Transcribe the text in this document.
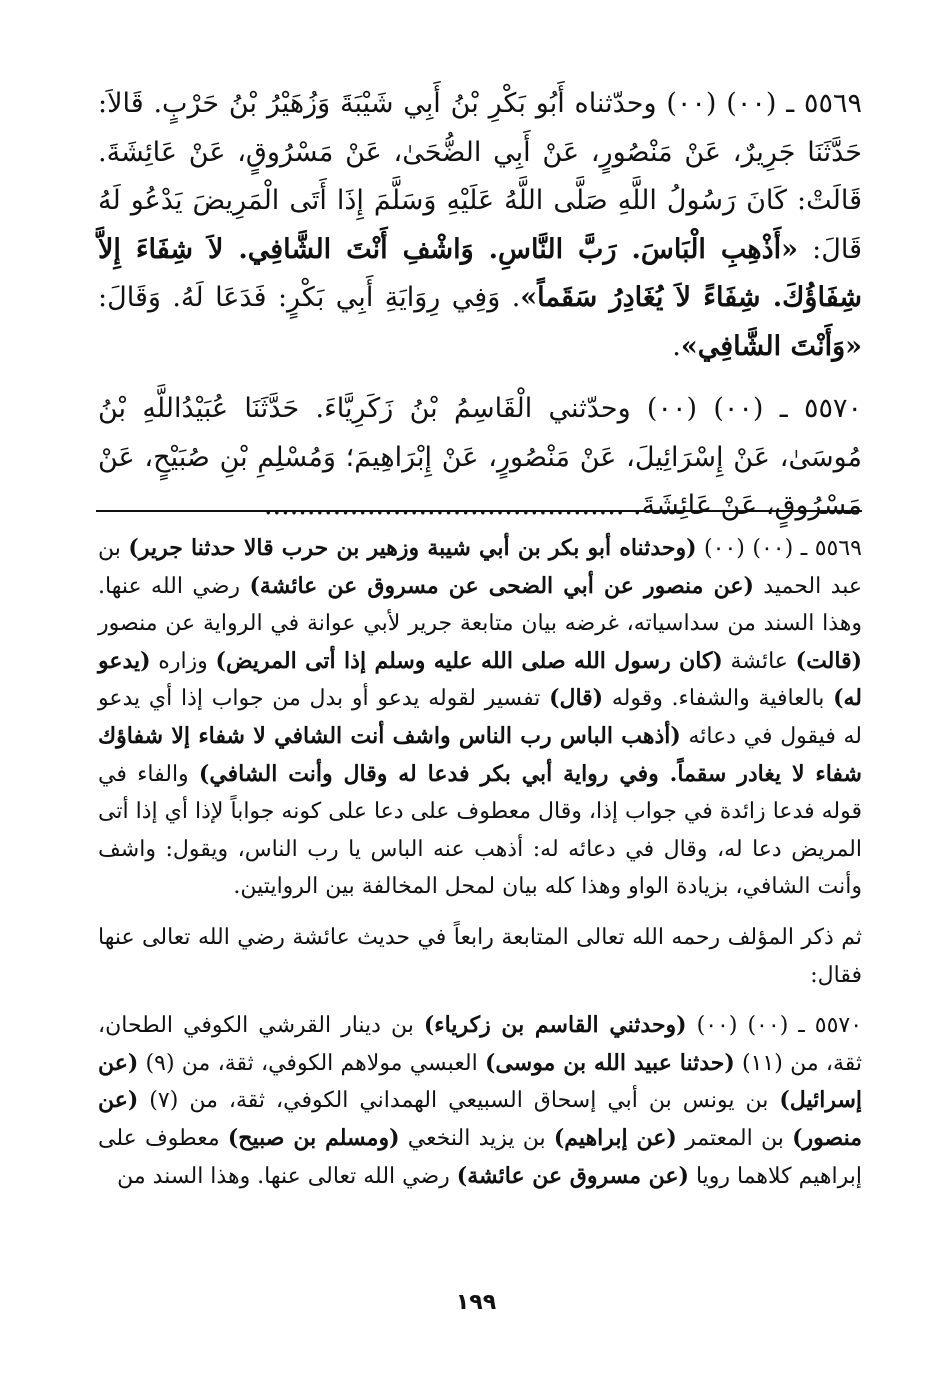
٥٥٦٩ ـ (٠٠) (٠٠) وحدّثناه أَبُو بَكْرِ بْنُ أَبِي شَيْبَةَ وَزُهَيْرُ بْنُ حَرْبٍ. قَالاَ: حَدَّثَنَا جَرِيرٌ، عَنْ مَنْصُورٍ، عَنْ أَبِي الضُّحَىٰ، عَنْ مَسْرُوقٍ، عَنْ عَائِشَةَ. قَالَتْ: كَانَ رَسُولُ اللَّهِ صَلَّى اللَّهُ عَلَيْهِ وَسَلَّمَ إِذَا أَتَى الْمَرِيضَ يَدْعُو لَهُ قَالَ: «أَذْهِبِ الْبَاسَ. رَبَّ النَّاسِ. وَاشْفِ أَنْتَ الشَّافِي. لاَ شِفَاءَ إِلاَّ شِفَاؤُكَ. شِفَاءً لاَ يُغَادِرُ سَقَماً». وَفِي رِوَايَةِ أَبِي بَكْرٍ: فَدَعَا لَهُ. وَقَالَ: «وَأَنْتَ الشَّافِي».

٥٥٧٠ ـ (٠٠) (٠٠) وحدّثني الْقَاسِمُ بْنُ زَكَرِيَّاءَ. حَدَّثَنَا عُبَيْدُاللَّهِ بْنُ مُوسَىٰ، عَنْ إِسْرَائِيلَ، عَنْ مَنْصُورٍ، عَنْ إِبْرَاهِيمَ؛ وَمُسْلِمِ بْنِ صُبَيْحٍ، عَنْ مَسْرُوقٍ، عَنْ عَائِشَةَ. ..........................................

٥٥٦٩ ـ (٠٠) (٠٠) (وحدثناه أبو بكر بن أبي شيبة وزهير بن حرب قالا حدثنا جرير) بن عبد الحميد (عن منصور عن أبي الضحى عن مسروق عن عائشة) رضي الله عنها. وهذا السند من سداسياته، غرضه بيان متابعة جرير لأبي عوانة في الرواية عن منصور (قالت) عائشة (كان رسول الله صلى الله عليه وسلم إذا أتى المريض) وزاره (يدعو له) بالعافية والشفاء. وقوله (قال) تفسير لقوله يدعو أو بدل من جواب إذا أي يدعو له فيقول في دعائه (أذهب الباس رب الناس واشف أنت الشافي لا شفاء إلا شفاؤك شفاء لا يغادر سقماً. وفي رواية أبي بكر فدعا له وقال وأنت الشافي) والفاء في قوله فدعا زائدة في جواب إذا، وقال معطوف على دعا على كونه جواباً لإذا أي إذا أتى المريض دعا له، وقال في دعائه له: أذهب عنه الباس يا رب الناس، ويقول: واشف وأنت الشافي، بزيادة الواو وهذا كله بيان لمحل المخالفة بين الروايتين.

ثم ذكر المؤلف رحمه الله تعالى المتابعة رابعاً في حديث عائشة رضي الله تعالى عنها فقال:

٥٥٧٠ ـ (٠٠) (٠٠) (وحدثني القاسم بن زكرياء) بن دينار القرشي الكوفي الطحان، ثقة، من (١١) (حدثنا عبيد الله بن موسى) العبسي مولاهم الكوفي، ثقة، من (٩) (عن إسرائيل) بن يونس بن أبي إسحاق السبيعي الهمداني الكوفي، ثقة، من (٧) (عن منصور) بن المعتمر (عن إبراهيم) بن يزيد النخعي (ومسلم بن صبيح) معطوف على إبراهيم كلاهما رويا (عن مسروق عن عائشة) رضي الله تعالى عنها. وهذا السند من

١٩٩
